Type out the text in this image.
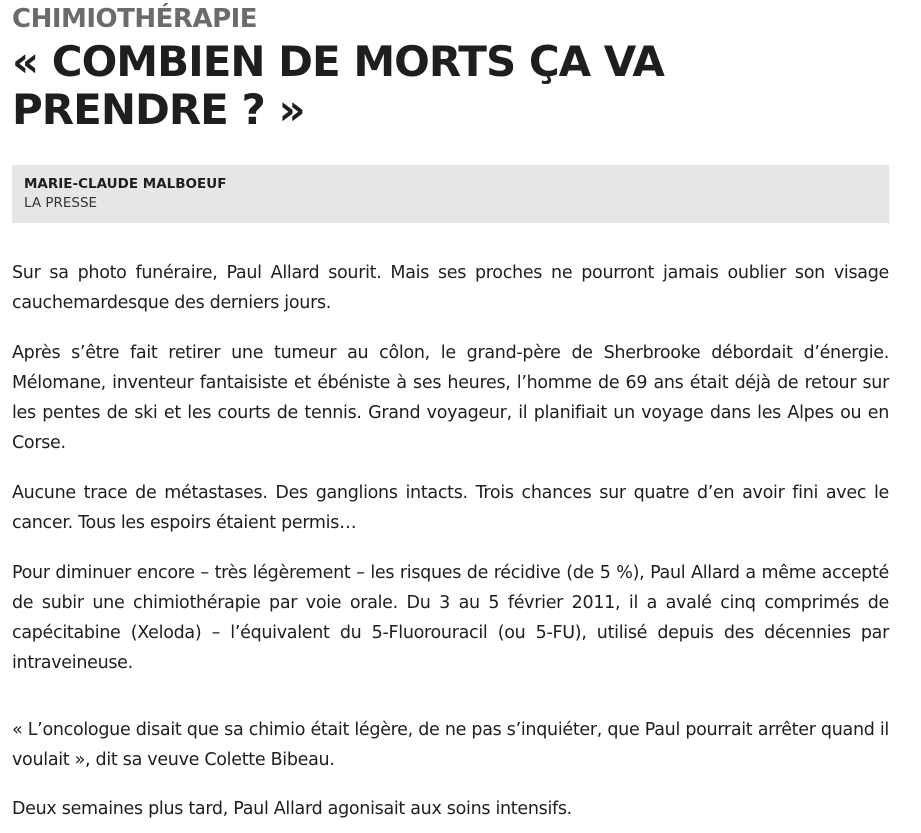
CHIMIOTHÉRAPIE
« COMBIEN DE MORTS ÇA VA PRENDRE ? »
MARIE-CLAUDE MALBOEUF
LA PRESSE

Sur sa photo funéraire, Paul Allard sourit. Mais ses proches ne pourront jamais oublier son visage cauchemardesque des derniers jours.

Après s’être fait retirer une tumeur au côlon, le grand-père de Sherbrooke débordait d’énergie. Mélomane, inventeur fantaisiste et ébéniste à ses heures, l’homme de 69 ans était déjà de retour sur les pentes de ski et les courts de tennis. Grand voyageur, il planifiait un voyage dans les Alpes ou en Corse.

Aucune trace de métastases. Des ganglions intacts. Trois chances sur quatre d’en avoir fini avec le cancer. Tous les espoirs étaient permis…

Pour diminuer encore – très légèrement – les risques de récidive (de 5 %), Paul Allard a même accepté de subir une chimiothérapie par voie orale. Du 3 au 5 février 2011, il a avalé cinq comprimés de capécitabine (Xeloda) – l’équivalent du 5-Fluorouracil (ou 5-FU), utilisé depuis des décennies par intraveineuse.

« L’oncologue disait que sa chimio était légère, de ne pas s’inquiéter, que Paul pourrait arrêter quand il voulait », dit sa veuve Colette Bibeau.

Deux semaines plus tard, Paul Allard agonisait aux soins intensifs.
